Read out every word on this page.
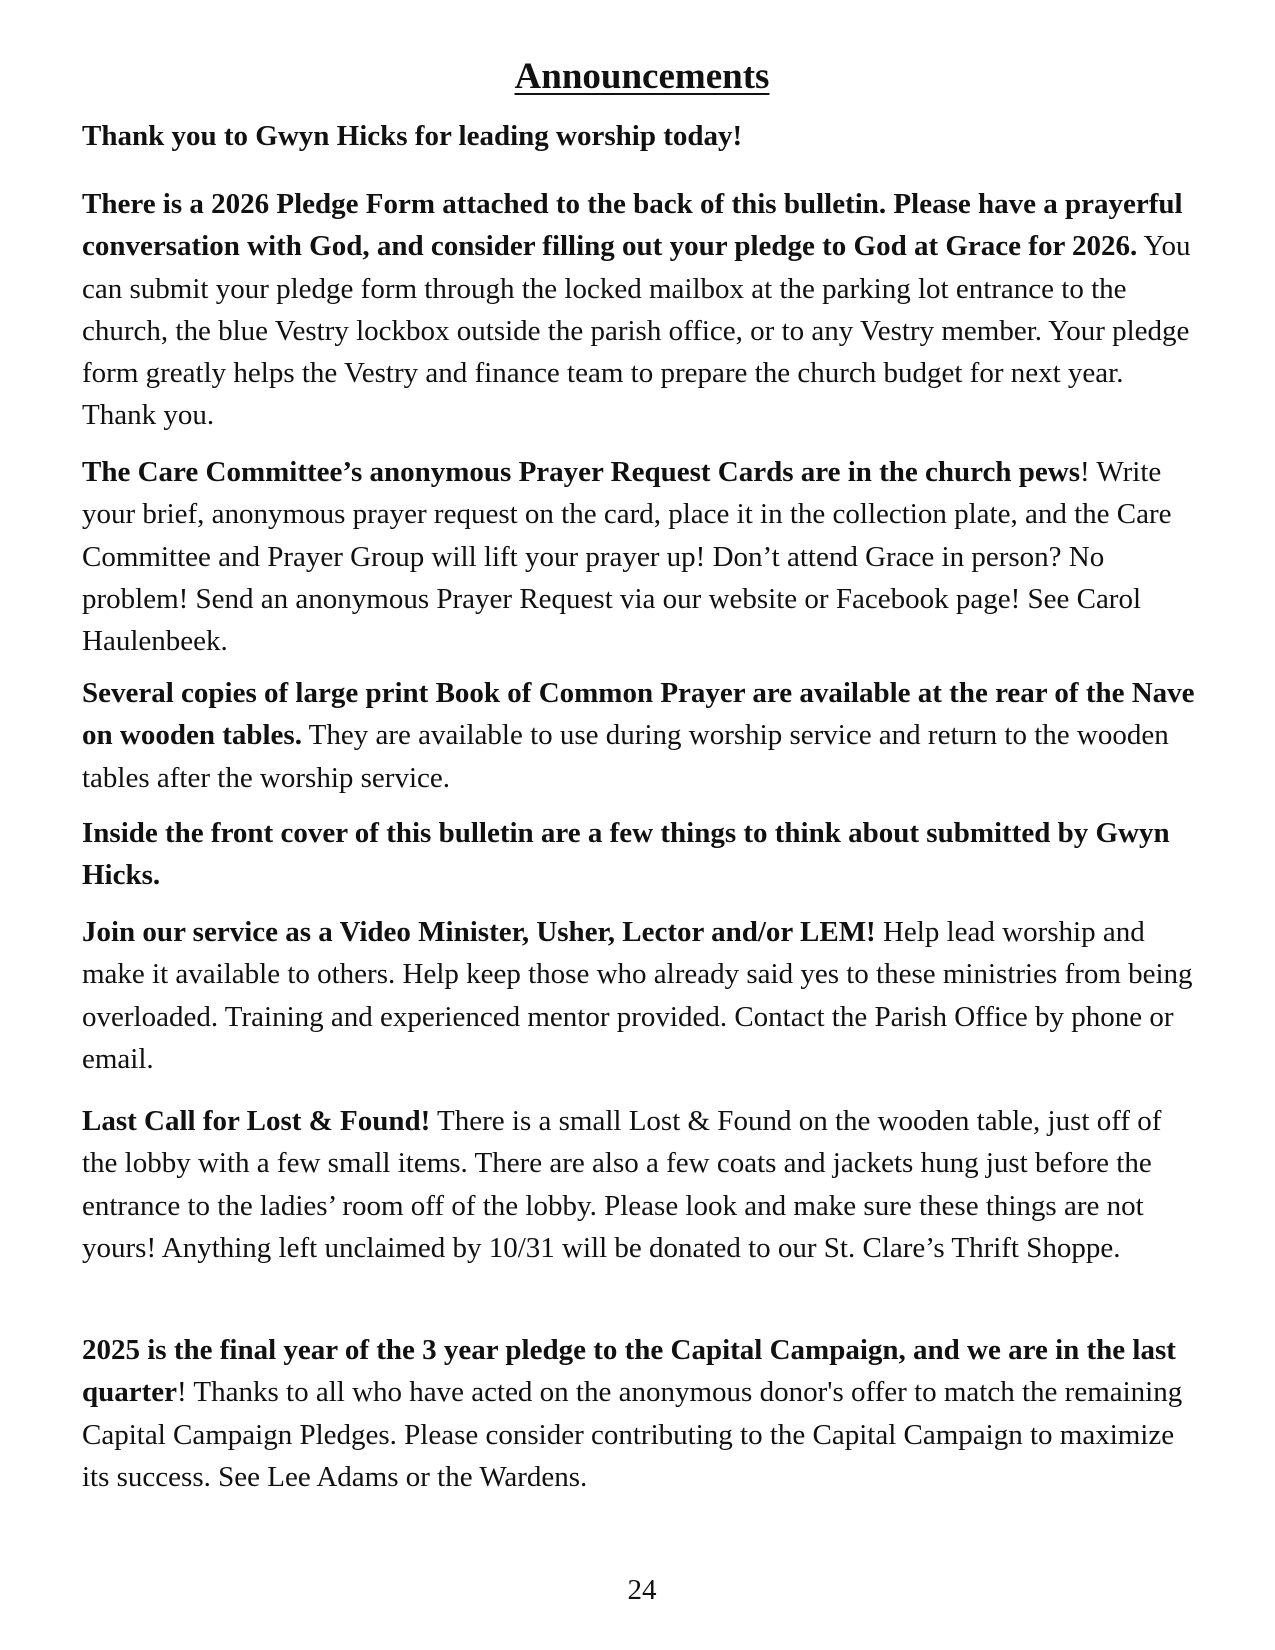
Announcements

Thank you to Gwyn Hicks for leading worship today!

There is a 2026 Pledge Form attached to the back of this bulletin. Please have a prayerful conversation with God, and consider filling out your pledge to God at Grace for 2026. You can submit your pledge form through the locked mailbox at the parking lot entrance to the church, the blue Vestry lockbox outside the parish office, or to any Vestry member. Your pledge form greatly helps the Vestry and finance team to prepare the church budget for next year. Thank you.

The Care Committee’s anonymous Prayer Request Cards are in the church pews! Write your brief, anonymous prayer request on the card, place it in the collection plate, and the Care Committee and Prayer Group will lift your prayer up! Don’t attend Grace in person? No problem! Send an anonymous Prayer Request via our website or Facebook page! See Carol Haulenbeek.

Several copies of large print Book of Common Prayer are available at the rear of the Nave on wooden tables. They are available to use during worship service and return to the wooden tables after the worship service.

Inside the front cover of this bulletin are a few things to think about submitted by Gwyn Hicks.

Join our service as a Video Minister, Usher, Lector and/or LEM! Help lead worship and make it available to others. Help keep those who already said yes to these ministries from being overloaded. Training and experienced mentor provided. Contact the Parish Office by phone or email.

Last Call for Lost & Found! There is a small Lost & Found on the wooden table, just off of the lobby with a few small items. There are also a few coats and jackets hung just before the entrance to the ladies’ room off of the lobby. Please look and make sure these things are not yours! Anything left unclaimed by 10/31 will be donated to our St. Clare’s Thrift Shoppe.

2025 is the final year of the 3 year pledge to the Capital Campaign, and we are in the last quarter! Thanks to all who have acted on the anonymous donor's offer to match the remaining Capital Campaign Pledges. Please consider contributing to the Capital Campaign to maximize its success. See Lee Adams or the Wardens.

24
